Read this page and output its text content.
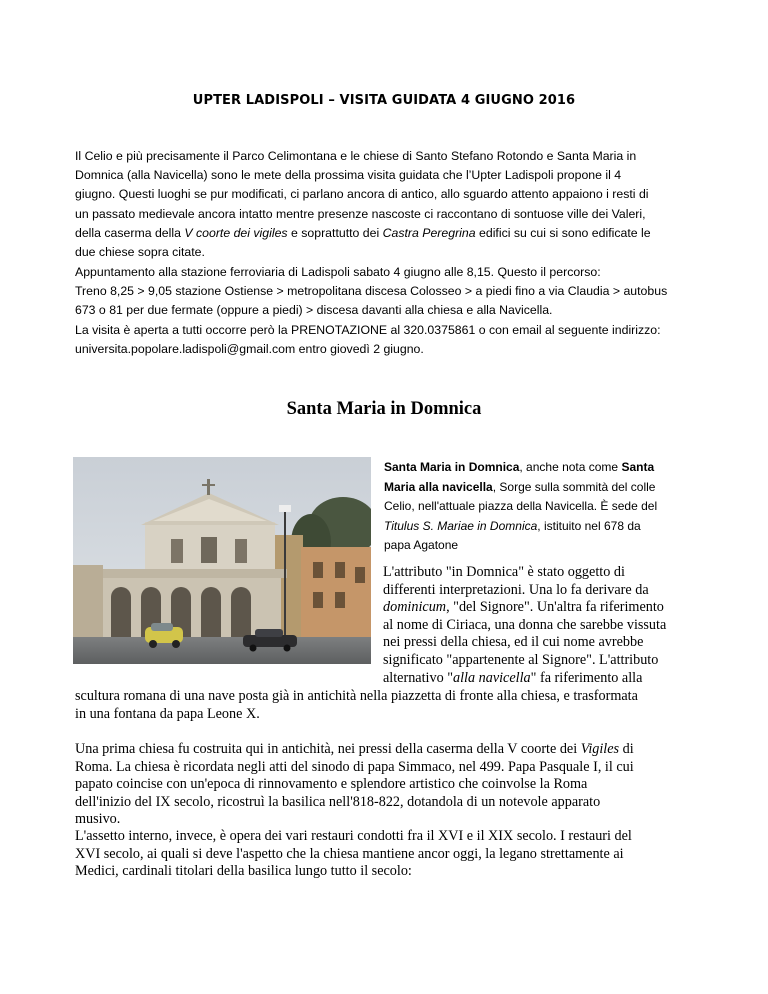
UPTER LADISPOLI – VISITA GUIDATA 4 GIUGNO 2016
Il Celio e più precisamente il Parco Celimontana e le chiese di Santo Stefano Rotondo e Santa Maria in
Domnica (alla Navicella) sono le mete della prossima visita guidata che l’Upter Ladispoli propone il 4
giugno. Questi luoghi se pur modificati, ci parlano ancora di antico, allo sguardo attento appaiono i resti di
un passato medievale ancora intatto mentre presenze nascoste ci raccontano di sontuose ville dei Valeri,
della caserma della V coorte dei vigiles e soprattutto dei Castra Peregrina edifici su cui si sono edificate le
due chiese sopra citate.
Appuntamento alla stazione ferroviaria di Ladispoli sabato 4 giugno alle 8,15. Questo il percorso:
Treno 8,25 > 9,05 stazione Ostiense > metropolitana discesa Colosseo > a piedi fino a via Claudia > autobus
673 o 81 per due fermate (oppure a piedi) > discesa davanti alla chiesa e alla Navicella.
La visita è aperta a tutti occorre però la PRENOTAZIONE al 320.0375861 o con email al seguente indirizzo:
universita.popolare.ladispoli@gmail.com entro giovedì 2 giugno.
Santa Maria in Domnica
Santa Maria in Domnica, anche nota come Santa
Maria alla navicella, Sorge sulla sommità del colle
Celio, nell'attuale piazza della Navicella. È sede del
Titulus S. Mariae in Domnica, istituito nel 678 da
papa Agatone
L'attributo "in Domnica" è stato oggetto di
differenti interpretazioni. Una lo fa derivare da
dominicum, "del Signore". Un'altra fa riferimento
al nome di Ciriaca, una donna che sarebbe vissuta
nei pressi della chiesa, ed il cui nome avrebbe
significato "appartenente al Signore". L'attributo
alternativo "alla navicella" fa riferimento alla
scultura romana di una nave posta già in antichità nella piazzetta di fronte alla chiesa, e trasformata
in una fontana da papa Leone X.
Una prima chiesa fu costruita qui in antichità, nei pressi della caserma della V coorte dei Vigiles di
Roma. La chiesa è ricordata negli atti del sinodo di papa Simmaco, nel 499. Papa Pasquale I, il cui
papato coincise con un'epoca di rinnovamento e splendore artistico che coinvolse la Roma
dell'inizio del IX secolo, ricostruì la basilica nell'818-822, dotandola di un notevole apparato
musivo.
L'assetto interno, invece, è opera dei vari restauri condotti fra il XVI e il XIX secolo. I restauri del
XVI secolo, ai quali si deve l'aspetto che la chiesa mantiene ancor oggi, la legano strettamente ai
Medici, cardinali titolari della basilica lungo tutto il secolo:
